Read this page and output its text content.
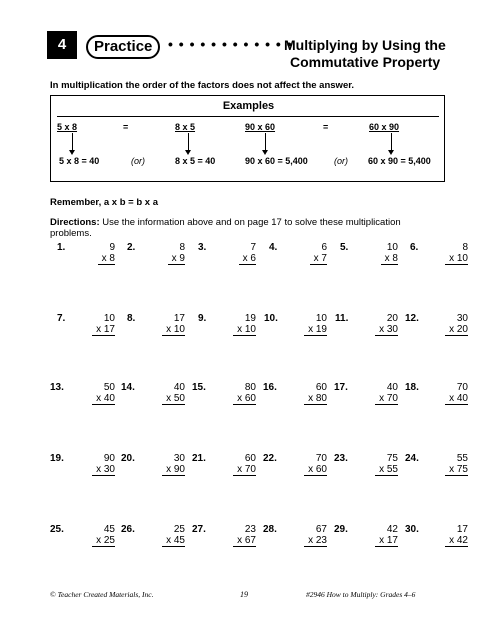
4	Practice	• • • • • • • • • • • •
Multiplying by Using the
Commutative Property
In multiplication the order of the factors does not affect the answer.
Examples
5 x 8	=	8 x 5	90 x 60	=	60 x 90
5 x 8 = 40	(or)	8 x 5 = 40	90 x 60 = 5,400	(or) 60 x 90 = 5,400
Remember, a x b = b x a
Directions: Use the information above and on page 17 to solve these multiplication problems.
1.	9
x 8
2.	8
x 9
3.	7
x 6
4.	6
x 7
5.	10
x 8
6.	8
x 10
7.	10
x 17
8.	17
x 10
9.	19
x 10
10.	10
x 19
11.	20
x 30
12.	30
x 20
13.	50
x 40
14.	40
x 50
15.	80
x 60
16.	60
x 80
17.	40
x 70
18.	70
x 40
19.	90
x 30
20.	30
x 90
21.	60
x 70
22.	70
x 60
23.	75
x 55
24.	55
x 75
25.	45
x 25
26.	25
x 45
27.	23
x 67
28.	67
x 23
29.	42
x 17
30.	17
x 42
© Teacher Created Materials, Inc.	19	#2946 How to Multiply: Grades 4–6
